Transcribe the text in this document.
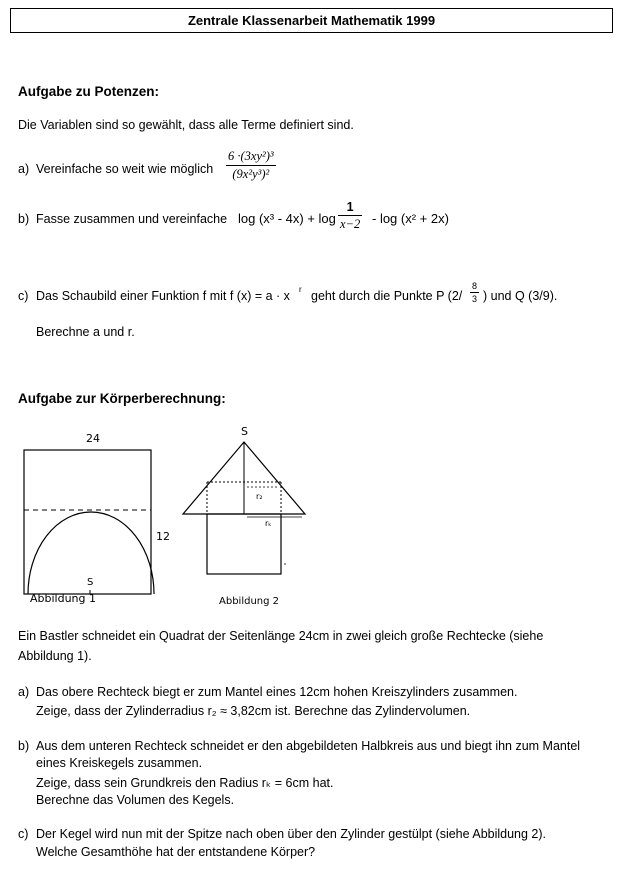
Zentrale Klassenarbeit Mathematik 1999
Aufgabe zu Potenzen:
Die Variablen sind so gewählt, dass alle Terme definiert sind.
a) Vereinfache so weit wie möglich
6 ·(3xy²)³
(9x²y³)²
b) Fasse zusammen und vereinfache log (x³ - 4x) + log
1
x−2 - log (x² + 2x)
c) Das Schaubild einer Funktion f mit f (x) = a · x r geht durch die Punkte P (2/
8
3 ) und Q (3/9).
Berechne a und r.
Aufgabe zur Körperberechnung:
24
12
S
Abbildung 1
S
r₂
rₖ
Abbildung 2
Ein Bastler schneidet ein Quadrat der Seitenlänge 24cm in zwei gleich große Rechtecke (siehe
Abbildung 1).
a) Das obere Rechteck biegt er zum Mantel eines 12cm hohen Kreiszylinders zusammen.
Zeige, dass der Zylinderradius r₂ ≈ 3,82cm ist. Berechne das Zylindervolumen.
b) Aus dem unteren Rechteck schneidet er den abgebildeten Halbkreis aus und biegt ihn zum Mantel
eines Kreiskegels zusammen.
Zeige, dass sein Grundkreis den Radius rₖ = 6cm hat.
Berechne das Volumen des Kegels.
c) Der Kegel wird nun mit der Spitze nach oben über den Zylinder gestülpt (siehe Abbildung 2).
Welche Gesamthöhe hat der entstandene Körper?
